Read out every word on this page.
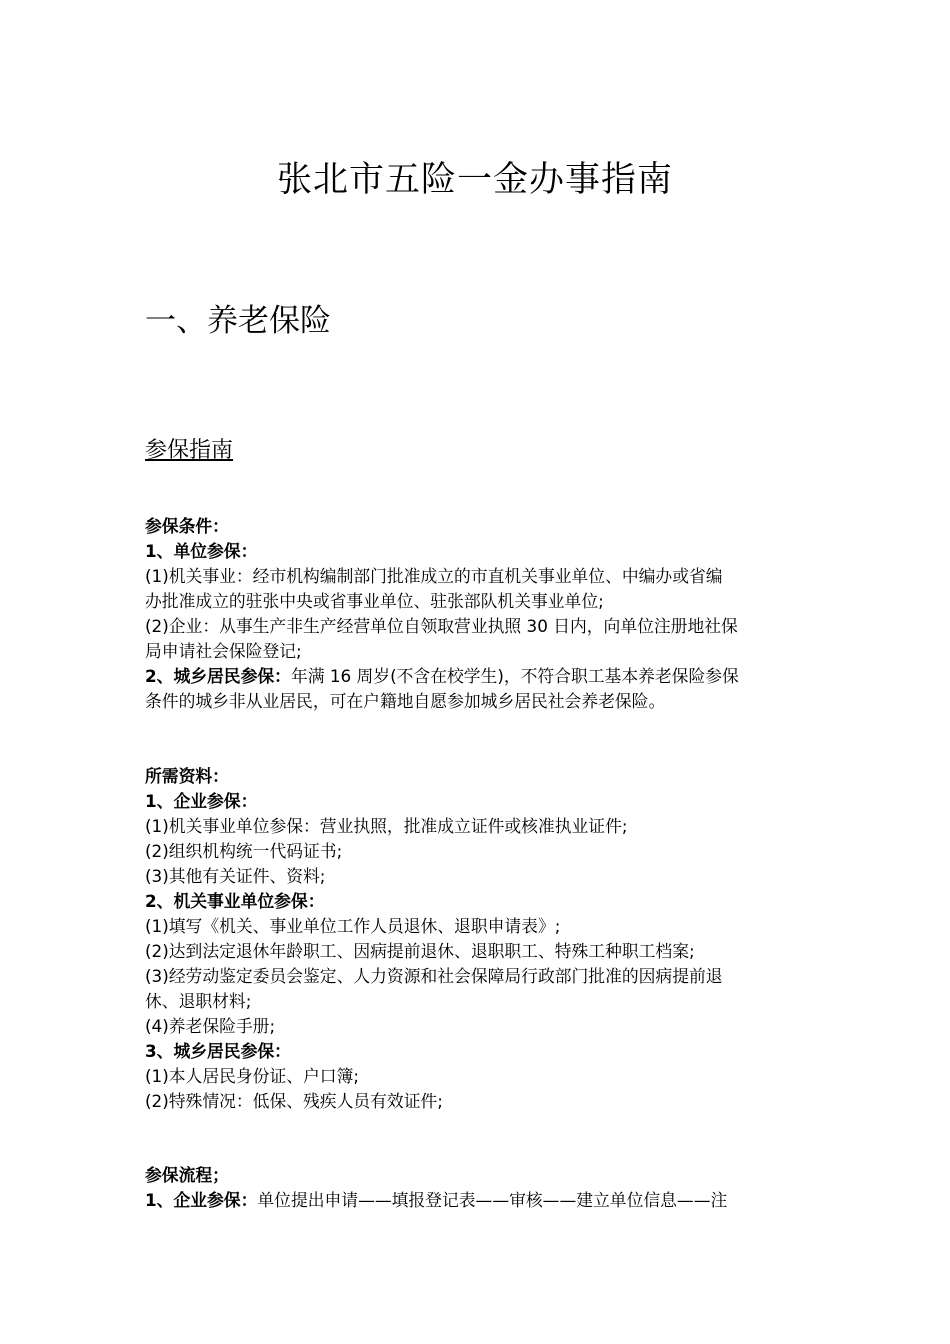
张北市五险一金办事指南
一、养老保险
参保指南
参保条件：
1、单位参保：
(1)机关事业：经市机构编制部门批准成立的市直机关事业单位、中编办或省编
办批准成立的驻张中央或省事业单位、驻张部队机关事业单位;
(2)企业：从事生产非生产经营单位自领取营业执照 30 日内，向单位注册地社保
局申请社会保险登记;
2、城乡居民参保：年满 16 周岁(不含在校学生)，不符合职工基本养老保险参保
条件的城乡非从业居民，可在户籍地自愿参加城乡居民社会养老保险。
所需资料：
1、企业参保：
(1)机关事业单位参保：营业执照，批准成立证件或核准执业证件;
(2)组织机构统一代码证书;
(3)其他有关证件、资料;
2、机关事业单位参保：
(1)填写《机关、事业单位工作人员退休、退职申请表》;
(2)达到法定退休年龄职工、因病提前退休、退职职工、特殊工种职工档案;
(3)经劳动鉴定委员会鉴定、人力资源和社会保障局行政部门批准的因病提前退
休、退职材料;
(4)养老保险手册;
3、城乡居民参保：
(1)本人居民身份证、户口簿;
(2)特殊情况：低保、残疾人员有效证件;
参保流程；
1、企业参保：单位提出申请——填报登记表——审核——建立单位信息——注
